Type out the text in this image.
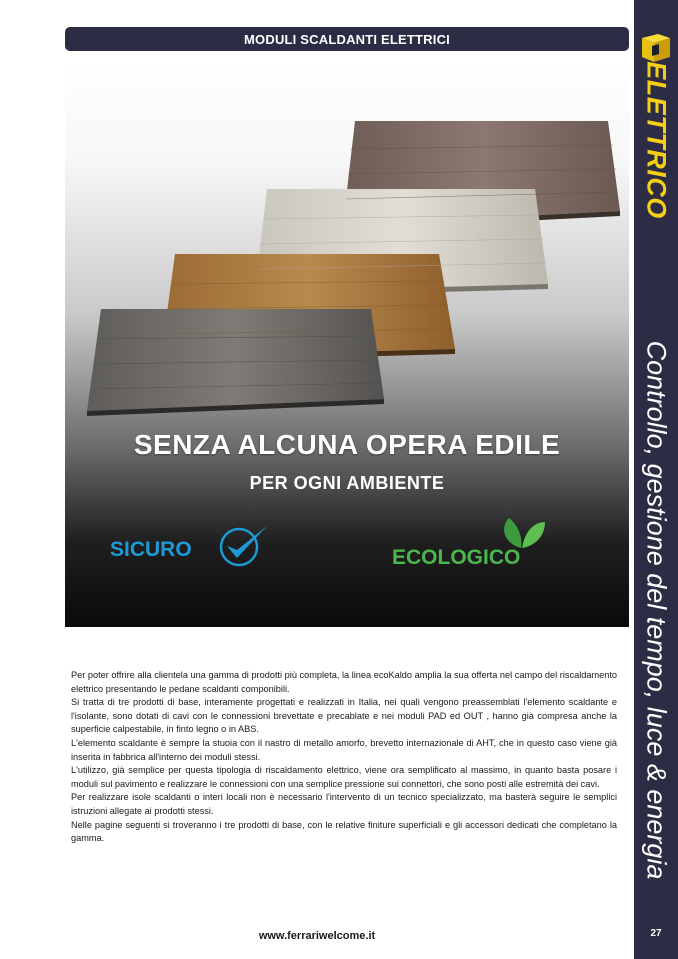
MODULI SCALDANTI ELETTRICI
SENZA ALCUNA OPERA EDILE
PER OGNI AMBIENTE
SICURO	ECOLOGICO
ELETTRICO
Controllo, gestione del tempo, luce & energia
27

Per poter offrire alla clientela una gamma di prodotti più completa, la linea ecoKaldo amplia la sua offerta nel campo del riscaldamento elettrico presentando le pedane scaldanti componibili.

Si tratta di tre prodotti di base, interamente progettati e realizzati in Italia, nei quali vengono preassemblati l'elemento scaldante e l'isolante, sono dotati di cavi con le connessioni brevettate e precablate e nei moduli PAD ed OUT , hanno già compresa anche la superficie calpestabile, in finto legno o in ABS.

L'elemento scaldante è sempre la stuoia con il nastro di metallo amorfo, brevetto internazionale di AHT, che in questo caso viene già inserita in fabbrica all'interno dei moduli stessi.

L'utilizzo, già semplice per questa tipologia di riscaldamento elettrico, viene ora semplificato al massimo, in quanto basta posare i moduli sul pavimento e realizzare le connessioni con una semplice pressione sui connettori, che sono posti alle estremità dei cavi.

Per realizzare isole scaldanti o interi locali non è necessario l'intervento di un tecnico specializzato, ma basterà seguire le semplici istruzioni allegate ai prodotti stessi.

Nelle pagine seguenti si troveranno i tre prodotti di base, con le relative finiture superficiali e gli accessori dedicati che completano la gamma.

www.ferrariwelcome.it
